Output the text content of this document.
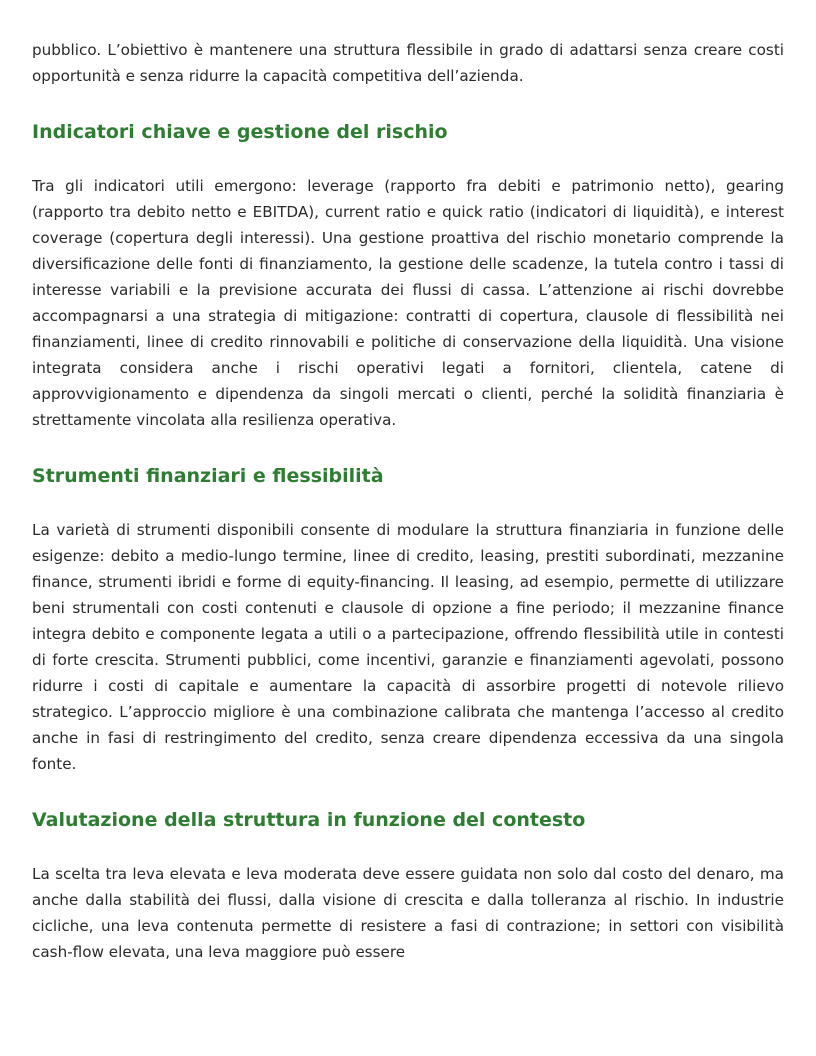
pubblico. L’obiettivo è mantenere una struttura flessibile in grado di adattarsi senza creare costi opportunità e senza ridurre la capacità competitiva dell’azienda.

Indicatori chiave e gestione del rischio

Tra gli indicatori utili emergono: leverage (rapporto fra debiti e patrimonio netto), gearing (rapporto tra debito netto e EBITDA), current ratio e quick ratio (indicatori di liquidità), e interest coverage (copertura degli interessi). Una gestione proattiva del rischio monetario comprende la diversificazione delle fonti di finanziamento, la gestione delle scadenze, la tutela contro i tassi di interesse variabili e la previsione accurata dei flussi di cassa. L’attenzione ai rischi dovrebbe accompagnarsi a una strategia di mitigazione: contratti di copertura, clausole di flessibilità nei finanziamenti, linee di credito rinnovabili e politiche di conservazione della liquidità. Una visione integrata considera anche i rischi operativi legati a fornitori, clientela, catene di approvvigionamento e dipendenza da singoli mercati o clienti, perché la solidità finanziaria è strettamente vincolata alla resilienza operativa.

Strumenti finanziari e flessibilità

La varietà di strumenti disponibili consente di modulare la struttura finanziaria in funzione delle esigenze: debito a medio-lungo termine, linee di credito, leasing, prestiti subordinati, mezzanine finance, strumenti ibridi e forme di equity-financing. Il leasing, ad esempio, permette di utilizzare beni strumentali con costi contenuti e clausole di opzione a fine periodo; il mezzanine finance integra debito e componente legata a utili o a partecipazione, offrendo flessibilità utile in contesti di forte crescita. Strumenti pubblici, come incentivi, garanzie e finanziamenti agevolati, possono ridurre i costi di capitale e aumentare la capacità di assorbire progetti di notevole rilievo strategico. L’approccio migliore è una combinazione calibrata che mantenga l’accesso al credito anche in fasi di restringimento del credito, senza creare dipendenza eccessiva da una singola fonte.

Valutazione della struttura in funzione del contesto

La scelta tra leva elevata e leva moderata deve essere guidata non solo dal costo del denaro, ma anche dalla stabilità dei flussi, dalla visione di crescita e dalla tolleranza al rischio. In industrie cicliche, una leva contenuta permette di resistere a fasi di contrazione; in settori con visibilità cash-flow elevata, una leva maggiore può essere
